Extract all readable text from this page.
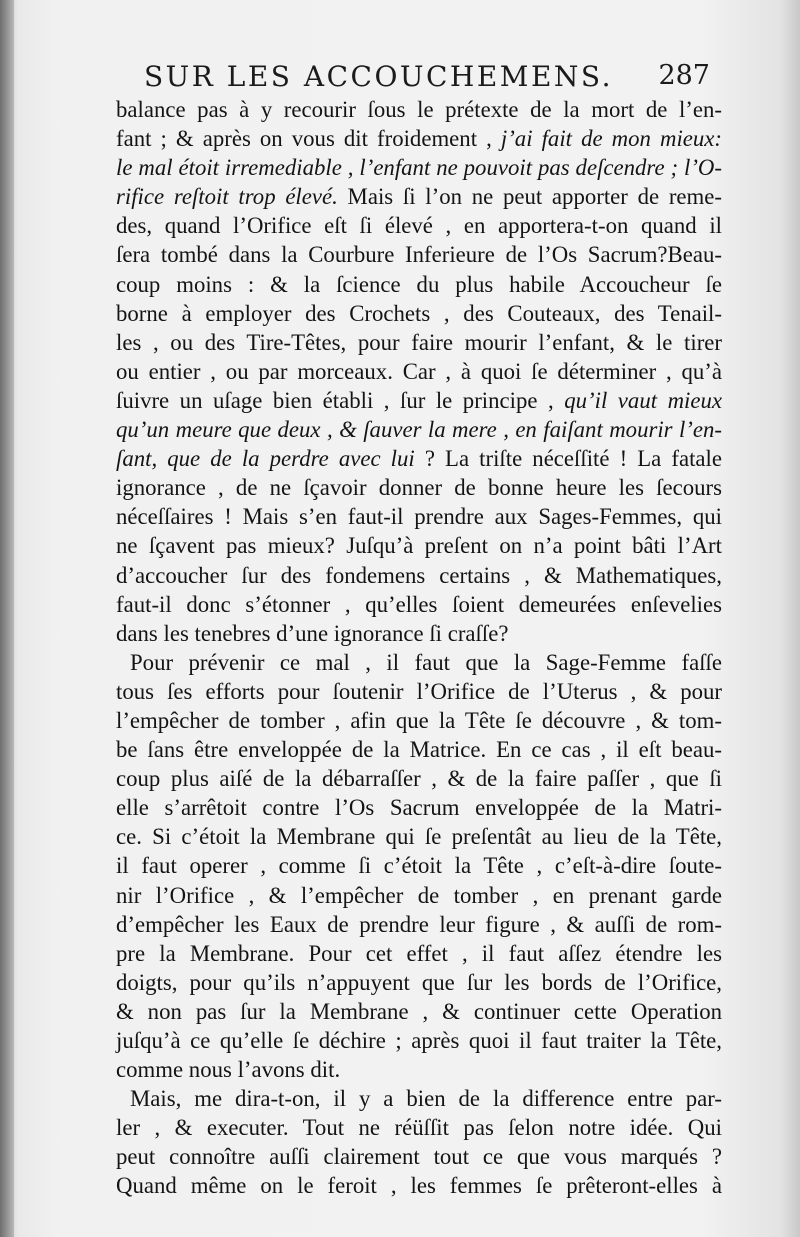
SUR LES ACCOUCHEMENS. 287
balance pas à y recourir ſous le prétexte de la mort de l’en-
fant ; & après on vous dit froidement , j’ai fait de mon mieux:
le mal étoit irremediable , l’enfant ne pouvoit pas deſcendre ; l’O-
rifice reſtoit trop élevé. Mais ſi l’on ne peut apporter de reme-
des, quand l’Orifice eſt ſi élevé , en apportera-t-on quand il
ſera tombé dans la Courbure Inferieure de l’Os Sacrum?Beau-
coup moins : & la ſcience du plus habile Accoucheur ſe
borne à employer des Crochets , des Couteaux, des Tenail-
les , ou des Tire-Têtes, pour faire mourir l’enfant, & le tirer
ou entier , ou par morceaux. Car , à quoi ſe déterminer , qu’à
ſuivre un uſage bien établi , ſur le principe , qu’il vaut mieux
qu’un meure que deux , & ſauver la mere , en faiſant mourir l’en-
ſant, que de la perdre avec lui ? La triſte néceſſité ! La fatale
ignorance , de ne ſçavoir donner de bonne heure les ſecours
néceſſaires ! Mais s’en faut-il prendre aux Sages-Femmes, qui
ne ſçavent pas mieux? Juſqu’à preſent on n’a point bâti l’Art
d’accoucher ſur des fondemens certains , & Mathematiques,
faut-il donc s’étonner , qu’elles ſoient demeurées enſevelies
dans les tenebres d’une ignorance ſi craſſe?
Pour prévenir ce mal , il faut que la Sage-Femme faſſe
tous ſes efforts pour ſoutenir l’Orifice de l’Uterus , & pour
l’empêcher de tomber , afin que la Tête ſe découvre , & tom-
be ſans être enveloppée de la Matrice. En ce cas , il eſt beau-
coup plus aiſé de la débarraſſer , & de la faire paſſer , que ſi
elle s’arrêtoit contre l’Os Sacrum enveloppée de la Matri-
ce. Si c’étoit la Membrane qui ſe preſentât au lieu de la Tête,
il faut operer , comme ſi c’étoit la Tête , c’eſt-à-dire ſoute-
nir l’Orifice , & l’empêcher de tomber , en prenant garde
d’empêcher les Eaux de prendre leur figure , & auſſi de rom-
pre la Membrane. Pour cet effet , il faut aſſez étendre les
doigts, pour qu’ils n’appuyent que ſur les bords de l’Orifice,
& non pas ſur la Membrane , & continuer cette Operation
juſqu’à ce qu’elle ſe déchire ; après quoi il faut traiter la Tête,
comme nous l’avons dit.
Mais, me dira-t-on, il y a bien de la difference entre par-
ler , & executer. Tout ne réüſſit pas ſelon notre idée. Qui
peut connoître auſſi clairement tout ce que vous marqués ?
Quand même on le feroit , les femmes ſe prêteront-elles à
